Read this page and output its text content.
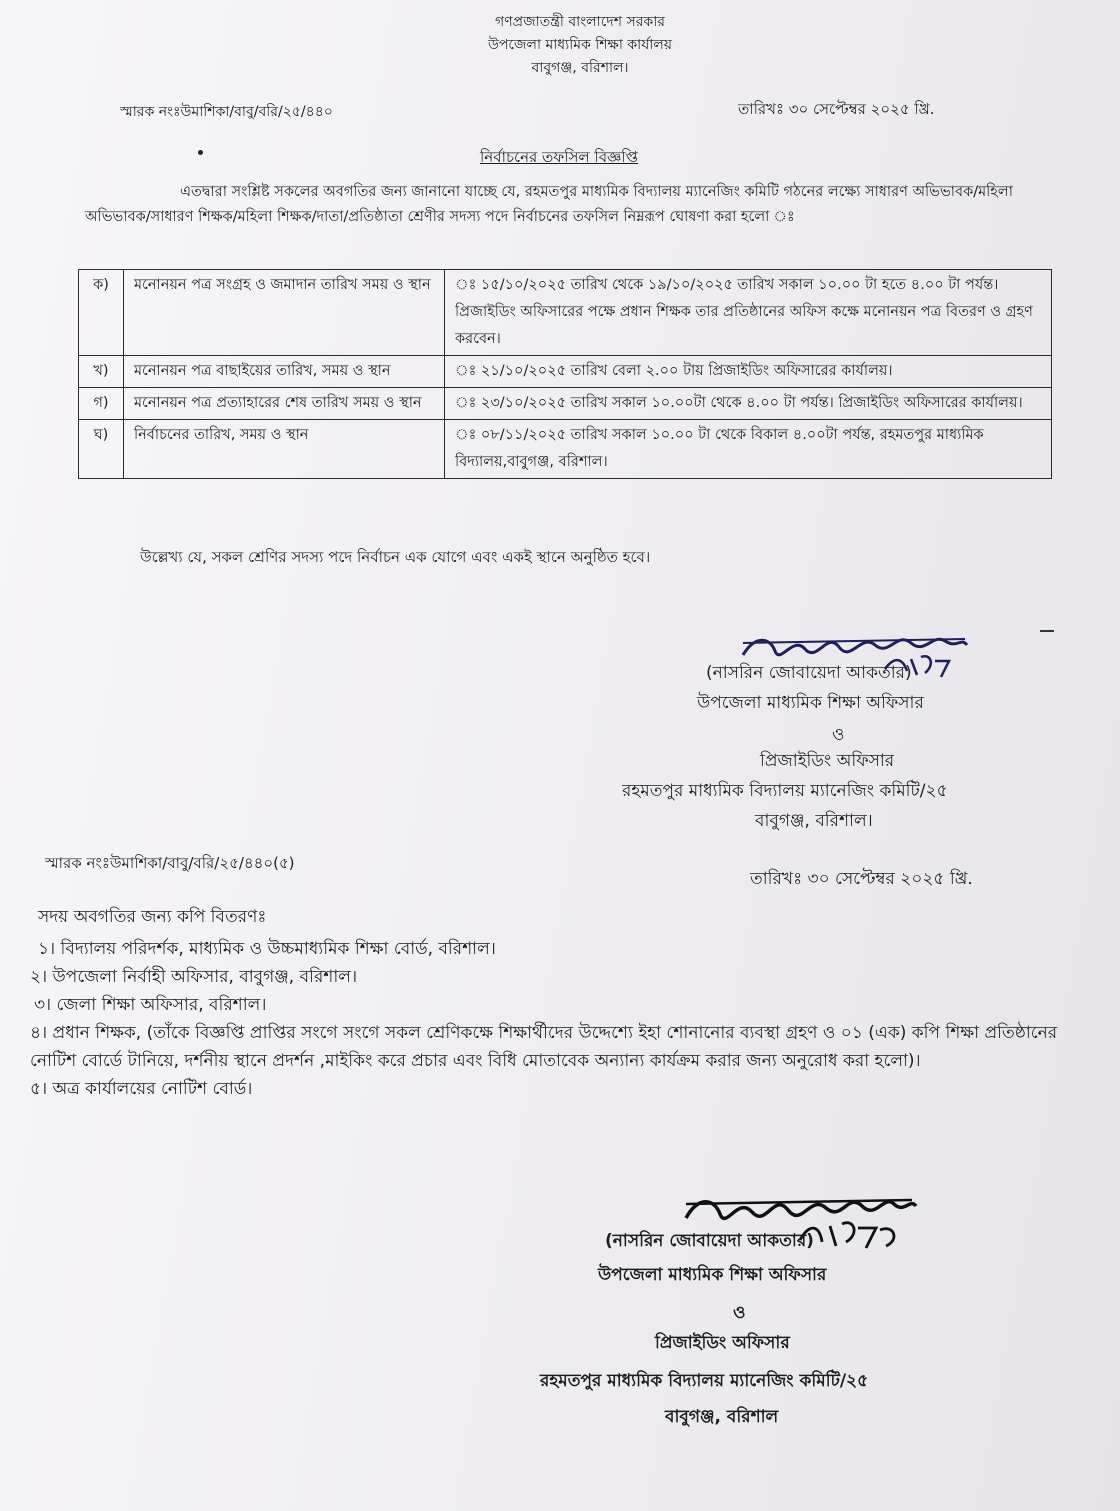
গণপ্রজাতন্ত্রী বাংলাদেশ সরকার
উপজেলা মাধ্যমিক শিক্ষা কার্যালয়
বাবুগঞ্জ, বরিশাল।
স্মারক নংঃউমাশিকা/বাবু/বরি/২৫/৪৪০	তারিখঃ ৩০ সেপ্টেম্বর ২০২৫ খ্রি.
নির্বাচনের তফসিল বিজ্ঞপ্তি
এতদ্বারা সংশ্লিষ্ট সকলের অবগতির জন্য জানানো যাচ্ছে যে, রহমতপুর মাধ্যমিক বিদ্যালয় ম্যানেজিং কমিটি গঠনের লক্ষ্যে সাধারণ অভিভাবক/মহিলা অভিভাবক/সাধারণ শিক্ষক/মহিলা শিক্ষক/দাতা/প্রতিষ্ঠাতা শ্রেণীর সদস্য পদে নির্বাচনের তফসিল নিম্নরূপ ঘোষণা করা হলো ঃ
ক)	মনোনয়ন পত্র সংগ্রহ ও জমাদান তারিখ সময় ও স্থান	ঃ ১৫/১০/২০২৫ তারিখ থেকে ১৯/১০/২০২৫ তারিখ সকাল ১০.০০ টা হতে ৪.০০ টা পর্যন্ত। প্রিজাইডিং অফিসারের পক্ষে প্রধান শিক্ষক তার প্রতিষ্ঠানের অফিস কক্ষে মনোনয়ন পত্র বিতরণ ও গ্রহণ করবেন।
খ)	মনোনয়ন পত্র বাছাইয়ের তারিখ, সময় ও স্থান	ঃ ২১/১০/২০২৫ তারিখ বেলা ২.০০ টায় প্রিজাইডিং অফিসারের কার্যালয়।
গ)	মনোনয়ন পত্র প্রত্যাহারের শেষ তারিখ সময় ও স্থান	ঃ ২৩/১০/২০২৫ তারিখ সকাল ১০.০০টা থেকে ৪.০০ টা পর্যন্ত। প্রিজাইডিং অফিসারের কার্যালয়।
ঘ)	নির্বাচনের তারিখ, সময় ও স্থান	ঃ ০৮/১১/২০২৫ তারিখ সকাল ১০.০০ টা থেকে বিকাল ৪.০০টা পর্যন্ত, রহমতপুর মাধ্যমিক বিদ্যালয়,বাবুগঞ্জ, বরিশাল।
উল্লেখ্য যে, সকল শ্রেণির সদস্য পদে নির্বাচন এক যোগে এবং একই স্থানে অনুষ্ঠিত হবে।
(নাসরিন জোবায়েদা আকতার)
উপজেলা মাধ্যমিক শিক্ষা অফিসার
ও
প্রিজাইডিং অফিসার
রহমতপুর মাধ্যমিক বিদ্যালয় ম্যানেজিং কমিটি/২৫
বাবুগঞ্জ, বরিশাল।
স্মারক নংঃউমাশিকা/বাবু/বরি/২৫/৪৪০(৫)
তারিখঃ ৩০ সেপ্টেম্বর ২০২৫ খ্রি.
সদয় অবগতির জন্য কপি বিতরণঃ
১। বিদ্যালয় পরিদর্শক, মাধ্যমিক ও উচ্চমাধ্যমিক শিক্ষা বোর্ড, বরিশাল।
২। উপজেলা নির্বাহী অফিসার, বাবুগঞ্জ, বরিশাল।
৩। জেলা শিক্ষা অফিসার, বরিশাল।
৪। প্রধান শিক্ষক, (তাঁকে বিজ্ঞপ্তি প্রাপ্তির সংগে সংগে সকল শ্রেণিকক্ষে শিক্ষার্থীদের উদ্দেশ্যে ইহা শোনানোর ব্যবস্থা গ্রহণ ও ০১ (এক) কপি শিক্ষা প্রতিষ্ঠানের নোটিশ বোর্ডে টানিয়ে, দর্শনীয় স্থানে প্রদর্শন ,মাইকিং করে প্রচার এবং বিধি মোতাবেক অন্যান্য কার্যক্রম করার জন্য অনুরোধ করা হলো)।
৫। অত্র কার্যালয়ের নোটিশ বোর্ড।
(নাসরিন জোবায়েদা আকতার)
উপজেলা মাধ্যমিক শিক্ষা অফিসার
ও
প্রিজাইডিং অফিসার
রহমতপুর মাধ্যমিক বিদ্যালয় ম্যানেজিং কমিটি/২৫
বাবুগঞ্জ, বরিশাল
